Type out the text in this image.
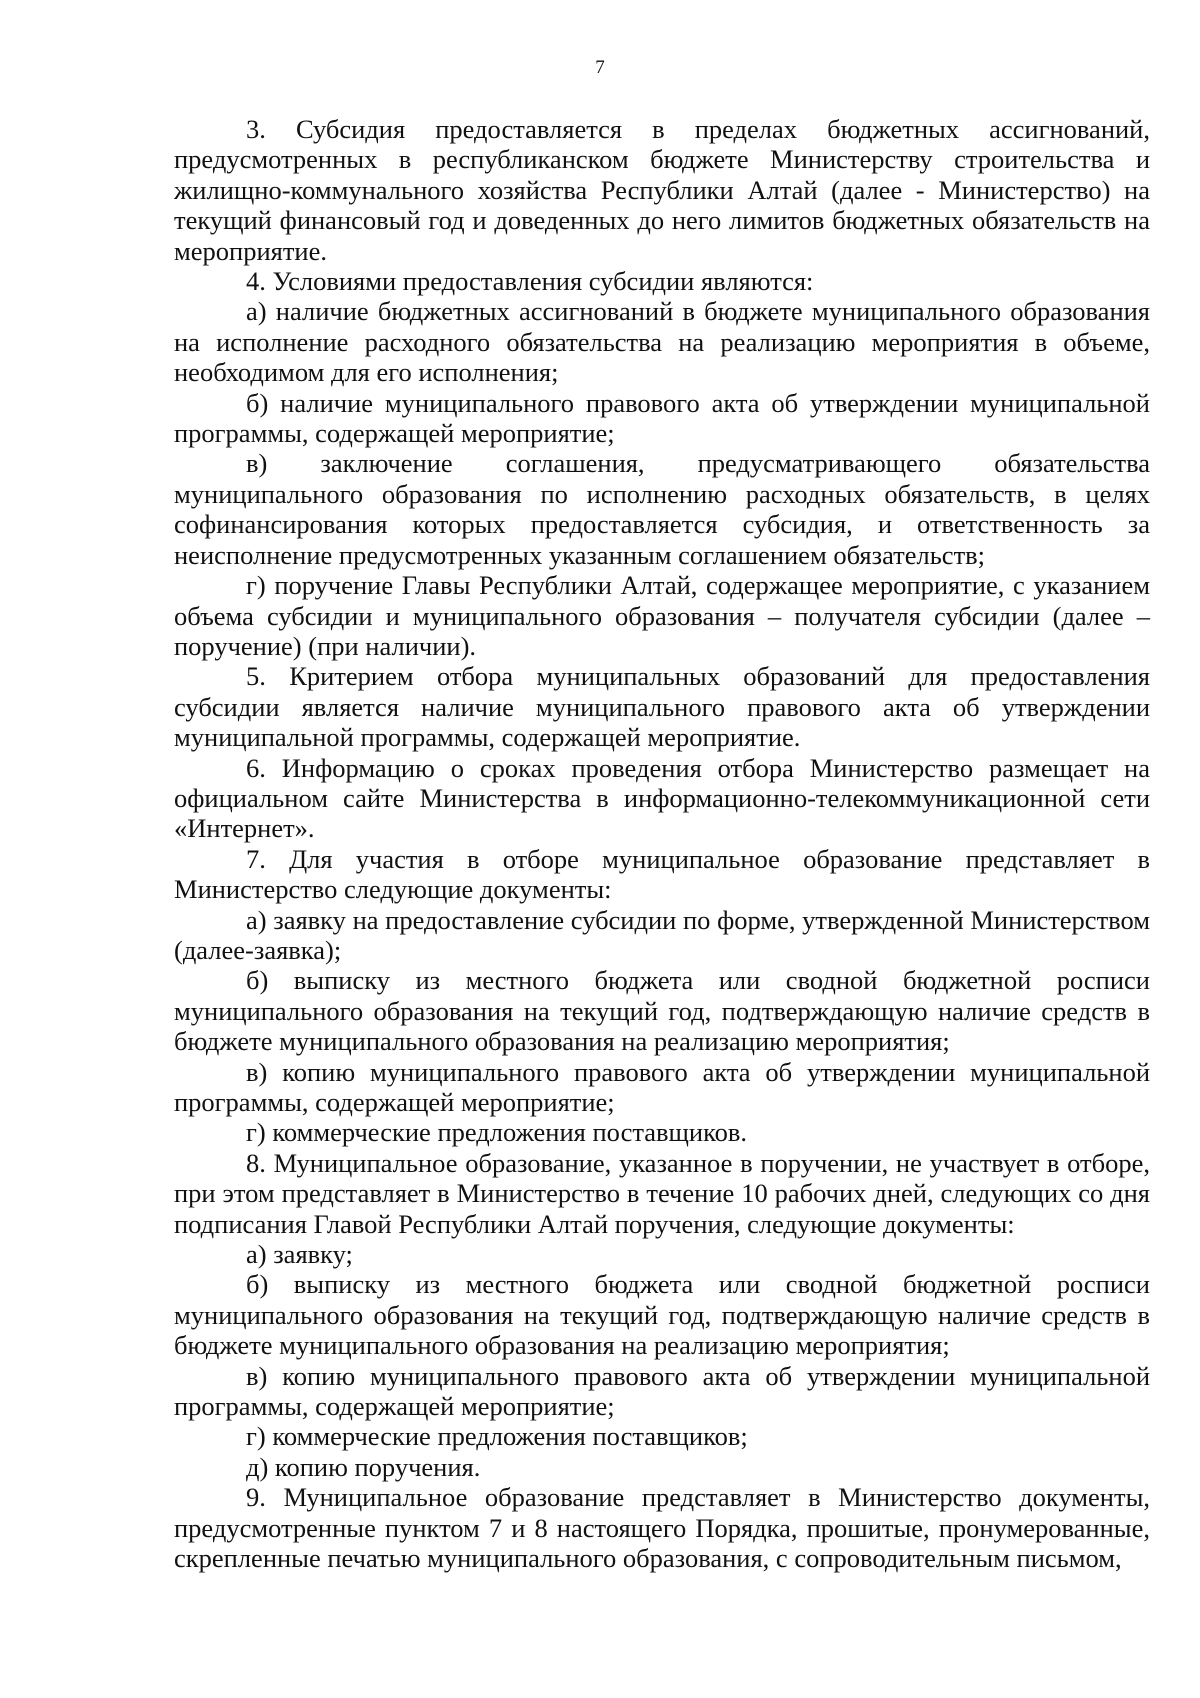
7

3. Субсидия предоставляется в пределах бюджетных ассигнований, предусмотренных в республиканском бюджете Министерству строительства и жилищно-коммунального хозяйства Республики Алтай (далее - Министерство) на текущий финансовый год и доведенных до него лимитов бюджетных обязательств на мероприятие.

4. Условиями предоставления субсидии являются:

а) наличие бюджетных ассигнований в бюджете муниципального образования на исполнение расходного обязательства на реализацию мероприятия в объеме, необходимом для его исполнения;

б) наличие муниципального правового акта об утверждении муниципальной программы, содержащей мероприятие;

в) заключение соглашения, предусматривающего обязательства муниципального образования по исполнению расходных обязательств, в целях софинансирования которых предоставляется субсидия, и ответственность за неисполнение предусмотренных указанным соглашением обязательств;

г) поручение Главы Республики Алтай, содержащее мероприятие, с указанием объема субсидии и муниципального образования – получателя субсидии (далее – поручение) (при наличии).

5. Критерием отбора муниципальных образований для предоставления субсидии является наличие муниципального правового акта об утверждении муниципальной программы, содержащей мероприятие.

6. Информацию о сроках проведения отбора Министерство размещает на официальном сайте Министерства в информационно-телекоммуникационной сети «Интернет».

7. Для участия в отборе муниципальное образование представляет в Министерство следующие документы:

а) заявку на предоставление субсидии по форме, утвержденной Министерством (далее-заявка);

б) выписку из местного бюджета или сводной бюджетной росписи муниципального образования на текущий год, подтверждающую наличие средств в бюджете муниципального образования на реализацию мероприятия;

в) копию муниципального правового акта об утверждении муниципальной программы, содержащей мероприятие;

г) коммерческие предложения поставщиков.

8. Муниципальное образование, указанное в поручении, не участвует в отборе, при этом представляет в Министерство в течение 10 рабочих дней, следующих со дня подписания Главой Республики Алтай поручения, следующие документы:

а) заявку;

б) выписку из местного бюджета или сводной бюджетной росписи муниципального образования на текущий год, подтверждающую наличие средств в бюджете муниципального образования на реализацию мероприятия;

в) копию муниципального правового акта об утверждении муниципальной программы, содержащей мероприятие;

г) коммерческие предложения поставщиков;

д) копию поручения.

9. Муниципальное образование представляет в Министерство документы, предусмотренные пунктом 7 и 8 настоящего Порядка, прошитые, пронумерованные, скрепленные печатью муниципального образования, с сопроводительным письмом,
